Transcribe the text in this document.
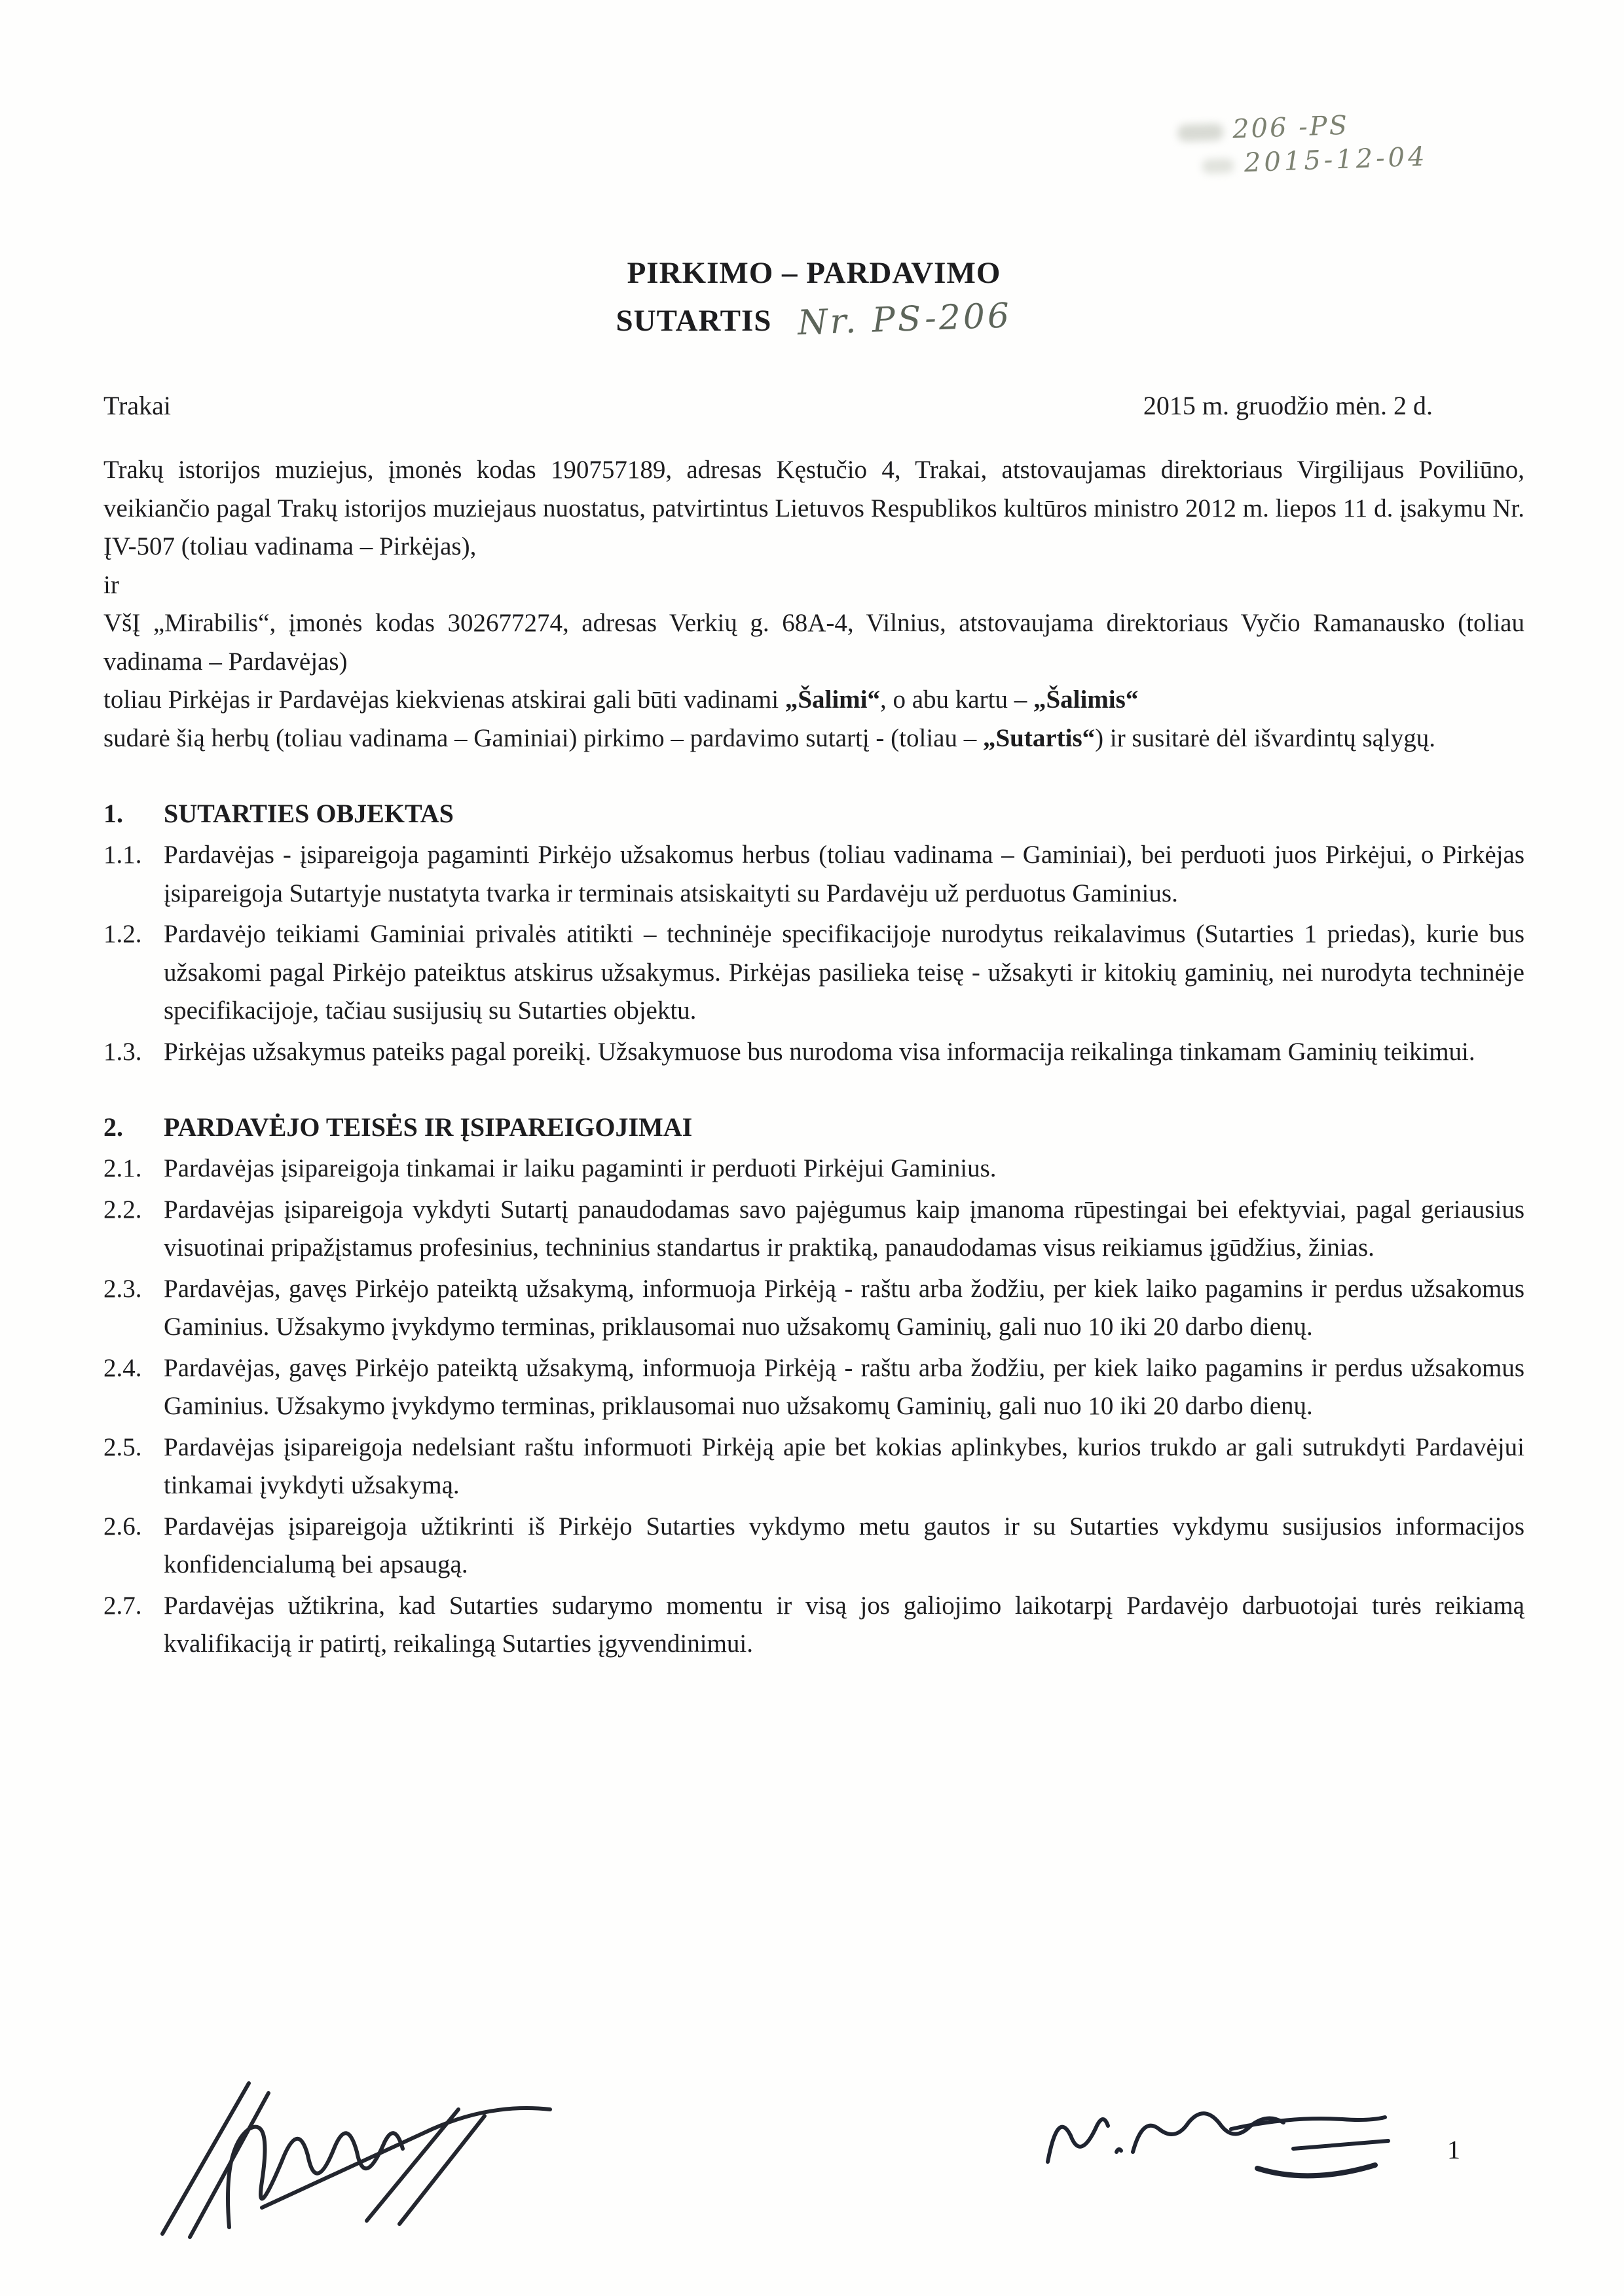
206 -PS
2015-12-04
PIRKIMO – PARDAVIMO
SUTARTIS Nr. PS-206
Trakai	2015 m. gruodžio mėn. 2 d.

Trakų istorijos muziejus, įmonės kodas 190757189, adresas Kęstučio 4, Trakai, atstovaujamas direktoriaus Virgilijaus Poviliūno, veikiančio pagal Trakų istorijos muziejaus nuostatus, patvirtintus Lietuvos Respublikos kultūros ministro 2012 m. liepos 11 d. įsakymu Nr. ĮV-507 (toliau vadinama – Pirkėjas),

ir

VšĮ „Mirabilis“, įmonės kodas 302677274, adresas Verkių g. 68A-4, Vilnius, atstovaujama direktoriaus Vyčio Ramanausko (toliau vadinama – Pardavėjas)

toliau Pirkėjas ir Pardavėjas kiekvienas atskirai gali būti vadinami „Šalimi“, o abu kartu – „Šalimis“

sudarė šią herbų (toliau vadinama – Gaminiai) pirkimo – pardavimo sutartį - (toliau – „Sutartis“) ir susitarė dėl išvardintų sąlygų.

1.	SUTARTIES OBJEKTAS
1.1. Pardavėjas - įsipareigoja pagaminti Pirkėjo užsakomus herbus (toliau vadinama – Gaminiai), bei perduoti juos Pirkėjui, o Pirkėjas įsipareigoja Sutartyje nustatyta tvarka ir terminais atsiskaityti su Pardavėju už perduotus Gaminius.
1.2. Pardavėjo teikiami Gaminiai privalės atitikti – techninėje specifikacijoje nurodytus reikalavimus (Sutarties 1 priedas), kurie bus užsakomi pagal Pirkėjo pateiktus atskirus užsakymus. Pirkėjas pasilieka teisę - užsakyti ir kitokių gaminių, nei nurodyta techninėje specifikacijoje, tačiau susijusių su Sutarties objektu.
1.3. Pirkėjas užsakymus pateiks pagal poreikį. Užsakymuose bus nurodoma visa informacija reikalinga tinkamam Gaminių teikimui.
2.	PARDAVĖJO TEISĖS IR ĮSIPAREIGOJIMAI
2.1. Pardavėjas įsipareigoja tinkamai ir laiku pagaminti ir perduoti Pirkėjui Gaminius.
2.2. Pardavėjas įsipareigoja vykdyti Sutartį panaudodamas savo pajėgumus kaip įmanoma rūpestingai bei efektyviai, pagal geriausius visuotinai pripažįstamus profesinius, techninius standartus ir praktiką, panaudodamas visus reikiamus įgūdžius, žinias.
2.3. Pardavėjas, gavęs Pirkėjo pateiktą užsakymą, informuoja Pirkėją - raštu arba žodžiu, per kiek laiko pagamins ir perdus užsakomus Gaminius. Užsakymo įvykdymo terminas, priklausomai nuo užsakomų Gaminių, gali nuo 10 iki 20 darbo dienų.
2.4. Pardavėjas, gavęs Pirkėjo pateiktą užsakymą, informuoja Pirkėją - raštu arba žodžiu, per kiek laiko pagamins ir perdus užsakomus Gaminius. Užsakymo įvykdymo terminas, priklausomai nuo užsakomų Gaminių, gali nuo 10 iki 20 darbo dienų.
2.5. Pardavėjas įsipareigoja nedelsiant raštu informuoti Pirkėją apie bet kokias aplinkybes, kurios trukdo ar gali sutrukdyti Pardavėjui tinkamai įvykdyti užsakymą.
2.6. Pardavėjas įsipareigoja užtikrinti iš Pirkėjo Sutarties vykdymo metu gautos ir su Sutarties vykdymu susijusios informacijos konfidencialumą bei apsaugą.
2.7. Pardavėjas užtikrina, kad Sutarties sudarymo momentu ir visą jos galiojimo laikotarpį Pardavėjo darbuotojai turės reikiamą kvalifikaciją ir patirtį, reikalingą Sutarties įgyvendinimui.
1
